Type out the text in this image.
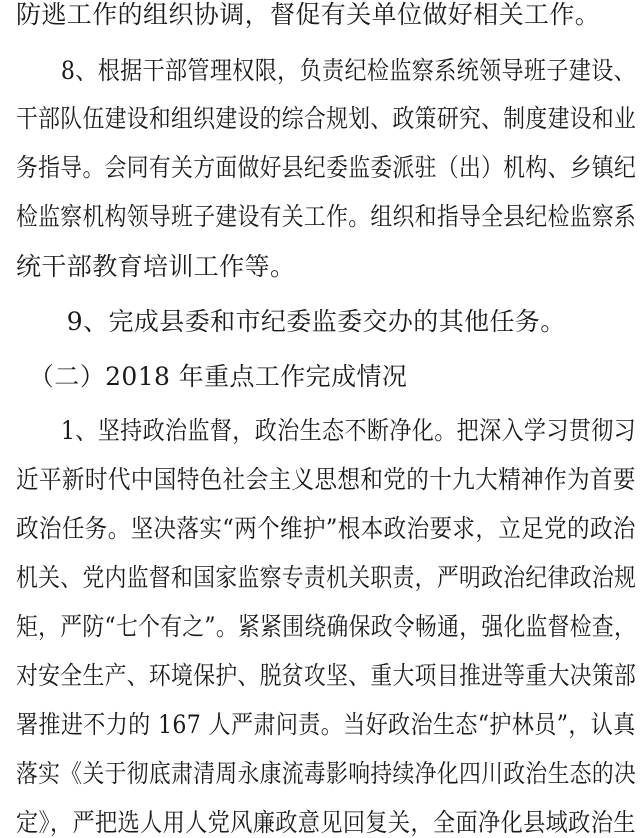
防逃工作的组织协调，督促有关单位做好相关工作。
　　8、根据干部管理权限，负责纪检监察系统领导班子建设、
干部队伍建设和组织建设的综合规划、政策研究、制度建设和业
务指导。会同有关方面做好县纪委监委派驻（出）机构、乡镇纪
检监察机构领导班子建设有关工作。组织和指导全县纪检监察系
统干部教育培训工作等。
　　9、完成县委和市纪委监委交办的其他任务。
　（二）2018 年重点工作完成情况
　　1、坚持政治监督，政治生态不断净化。把深入学习贯彻习
近平新时代中国特色社会主义思想和党的十九大精神作为首要
政治任务。坚决落实“两个维护”根本政治要求，立足党的政治
机关、党内监督和国家监察专责机关职责，严明政治纪律政治规
矩，严防“七个有之”。紧紧围绕确保政令畅通，强化监督检查，
对安全生产、环境保护、脱贫攻坚、重大项目推进等重大决策部
署推进不力的 167 人严肃问责。当好政治生态“护林员”，认真
落实《关于彻底肃清周永康流毒影响持续净化四川政治生态的决
定》，严把选人用人党风廉政意见回复关，全面净化县域政治生
